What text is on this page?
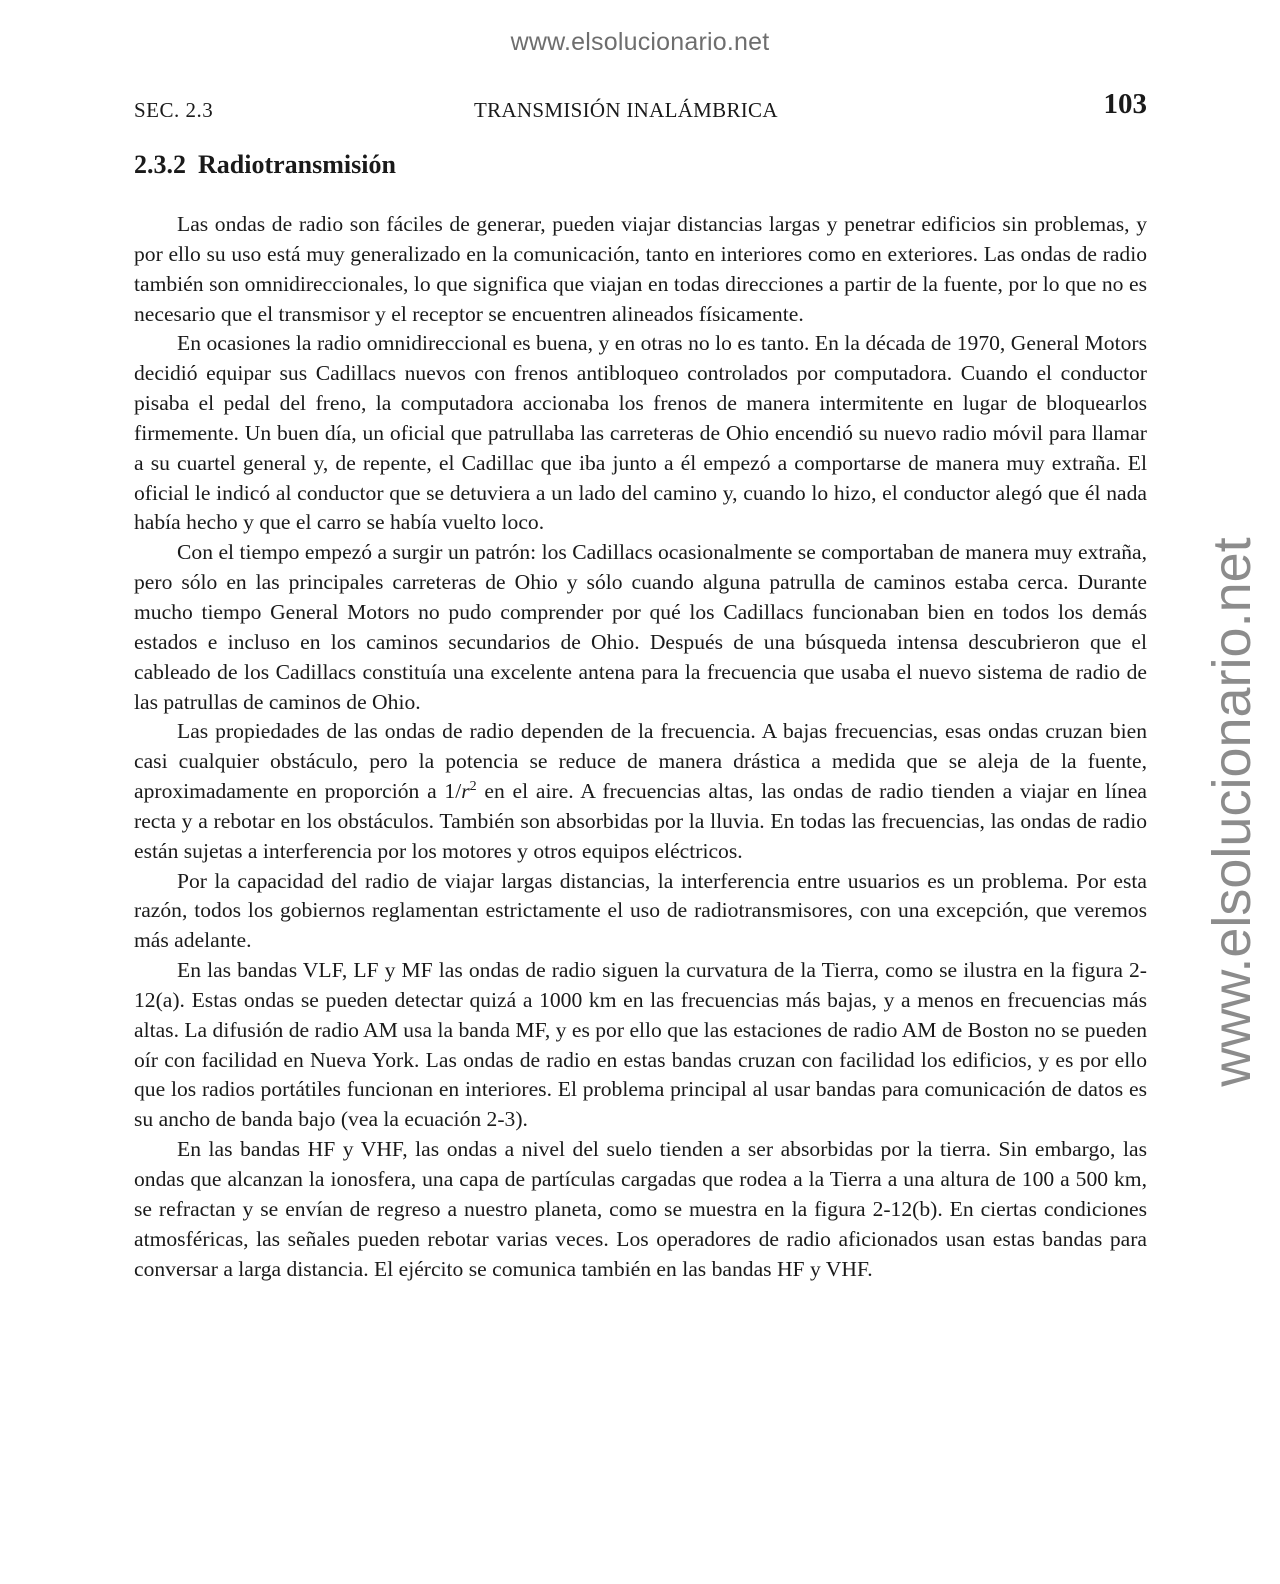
www.elsolucionario.net
www.elsolucionario.net
SEC. 2.3	TRANSMISIÓN INALÁMBRICA	103
2.3.2 Radiotransmisión

Las ondas de radio son fáciles de generar, pueden viajar distancias largas y penetrar edificios sin problemas, y por ello su uso está muy generalizado en la comunicación, tanto en interiores como en exteriores. Las ondas de radio también son omnidireccionales, lo que significa que viajan en todas direcciones a partir de la fuente, por lo que no es necesario que el transmisor y el receptor se encuentren alineados físicamente.

En ocasiones la radio omnidireccional es buena, y en otras no lo es tanto. En la década de 1970, General Motors decidió equipar sus Cadillacs nuevos con frenos antibloqueo controlados por computadora. Cuando el conductor pisaba el pedal del freno, la computadora accionaba los frenos de manera intermitente en lugar de bloquearlos firmemente. Un buen día, un oficial que patrullaba las carreteras de Ohio encendió su nuevo radio móvil para llamar a su cuartel general y, de repente, el Cadillac que iba junto a él empezó a comportarse de manera muy extraña. El oficial le indicó al conductor que se detuviera a un lado del camino y, cuando lo hizo, el conductor alegó que él nada había hecho y que el carro se había vuelto loco.

Con el tiempo empezó a surgir un patrón: los Cadillacs ocasionalmente se comportaban de manera muy extraña, pero sólo en las principales carreteras de Ohio y sólo cuando alguna patrulla de caminos estaba cerca. Durante mucho tiempo General Motors no pudo comprender por qué los Cadillacs funcionaban bien en todos los demás estados e incluso en los caminos secundarios de Ohio. Después de una búsqueda intensa descubrieron que el cableado de los Cadillacs constituía una excelente antena para la frecuencia que usaba el nuevo sistema de radio de las patrullas de caminos de Ohio.

Las propiedades de las ondas de radio dependen de la frecuencia. A bajas frecuencias, esas ondas cruzan bien casi cualquier obstáculo, pero la potencia se reduce de manera drástica a medida que se aleja de la fuente, aproximadamente en proporción a $1/r^2$ en el aire. A frecuencias altas, las ondas de radio tienden a viajar en línea recta y a rebotar en los obstáculos. También son absorbidas por la lluvia. En todas las frecuencias, las ondas de radio están sujetas a interferencia por los motores y otros equipos eléctricos.

Por la capacidad del radio de viajar largas distancias, la interferencia entre usuarios es un problema. Por esta razón, todos los gobiernos reglamentan estrictamente el uso de radiotransmisores, con una excepción, que veremos más adelante.

En las bandas VLF, LF y MF las ondas de radio siguen la curvatura de la Tierra, como se ilustra en la figura 2-12(a). Estas ondas se pueden detectar quizá a 1000 km en las frecuencias más bajas, y a menos en frecuencias más altas. La difusión de radio AM usa la banda MF, y es por ello que las estaciones de radio AM de Boston no se pueden oír con facilidad en Nueva York. Las ondas de radio en estas bandas cruzan con facilidad los edificios, y es por ello que los radios portátiles funcionan en interiores. El problema principal al usar bandas para comunicación de datos es su ancho de banda bajo (vea la ecuación 2-3).

En las bandas HF y VHF, las ondas a nivel del suelo tienden a ser absorbidas por la tierra. Sin embargo, las ondas que alcanzan la ionosfera, una capa de partículas cargadas que rodea a la Tierra a una altura de 100 a 500 km, se refractan y se envían de regreso a nuestro planeta, como se muestra en la figura 2-12(b). En ciertas condiciones atmosféricas, las señales pueden rebotar varias veces. Los operadores de radio aficionados usan estas bandas para conversar a larga distancia. El ejército se comunica también en las bandas HF y VHF.
